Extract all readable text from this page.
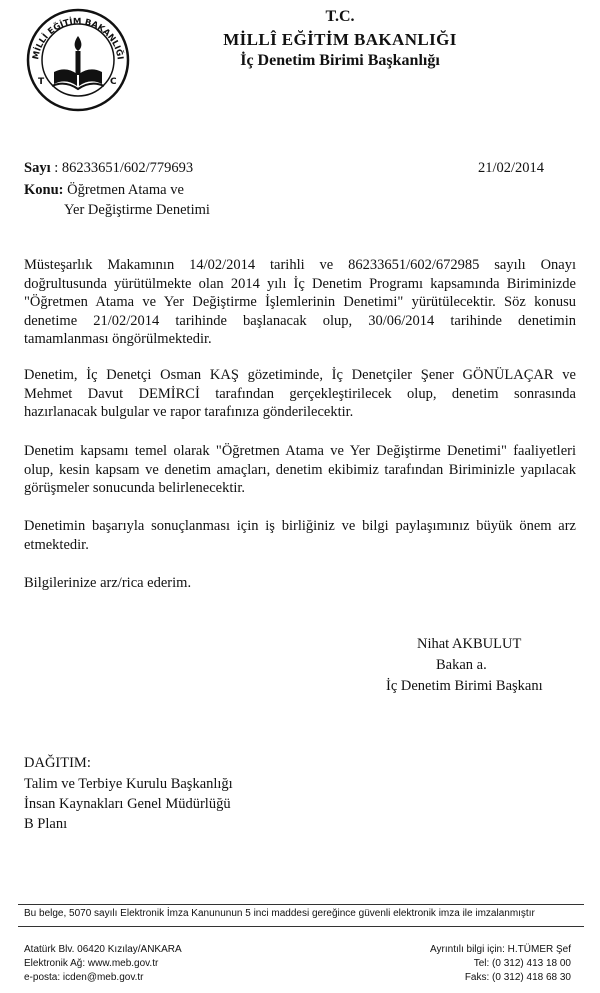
MİLLİ EĞİTİM BAKANLIĞI
T	C
T.C.
MİLLÎ EĞİTİM BAKANLIĞI
İç Denetim Birimi Başkanlığı
Sayı : 86233651/602/779693	21/02/2014
Konu: Öğretmen Atama ve
Yer Değiştirme Denetimi
Müsteşarlık Makamının 14/02/2014 tarihli ve 86233651/602/672985 sayılı Onayı
doğrultusunda yürütülmekte olan 2014 yılı İç Denetim Programı kapsamında Biriminizde
"Öğretmen Atama ve Yer Değiştirme İşlemlerinin Denetimi" yürütülecektir. Söz konusu
denetime 21/02/2014 tarihinde başlanacak olup, 30/06/2014 tarihinde denetimin
tamamlanması öngörülmektedir.
Denetim, İç Denetçi Osman KAŞ gözetiminde, İç Denetçiler Şener GÖNÜLAÇAR ve
Mehmet Davut DEMİRCİ tarafından gerçekleştirilecek olup, denetim sonrasında
hazırlanacak bulgular ve rapor tarafınıza gönderilecektir.
Denetim kapsamı temel olarak "Öğretmen Atama ve Yer Değiştirme Denetimi" faaliyetleri
olup, kesin kapsam ve denetim amaçları, denetim ekibimiz tarafından Biriminizle yapılacak
görüşmeler sonucunda belirlenecektir.
Denetimin başarıyla sonuçlanması için iş birliğiniz ve bilgi paylaşımınız büyük önem arz
etmektedir.
Bilgilerinize arz/rica ederim.
Nihat AKBULUT
Bakan a.
İç Denetim Birimi Başkanı
DAĞITIM:
Talim ve Terbiye Kurulu Başkanlığı
İnsan Kaynakları Genel Müdürlüğü
B Planı
Bu belge, 5070 sayılı Elektronik İmza Kanununun 5 inci maddesi gereğince güvenli elektronik imza ile imzalanmıştır
Atatürk Blv. 06420 Kızılay/ANKARA
Elektronik Ağ: www.meb.gov.tr
e-posta: icden@meb.gov.tr
Ayrıntılı bilgi için: H.TÜMER Şef
Tel: (0 312) 413 18 00
Faks: (0 312) 418 68 30
